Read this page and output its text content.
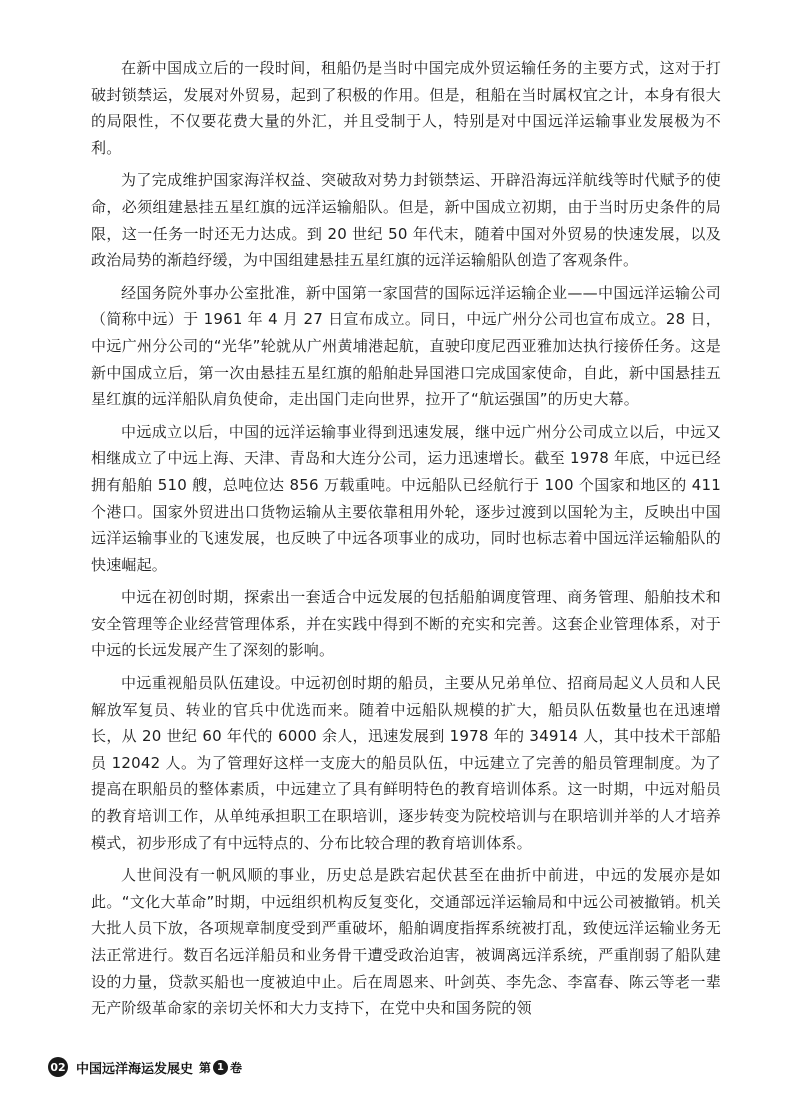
在新中国成立后的一段时间，租船仍是当时中国完成外贸运输任务的主要方式，这对于打破封锁禁运，发展对外贸易，起到了积极的作用。但是，租船在当时属权宜之计，本身有很大的局限性，不仅要花费大量的外汇，并且受制于人，特别是对中国远洋运输事业发展极为不利。

为了完成维护国家海洋权益、突破敌对势力封锁禁运、开辟沿海远洋航线等时代赋予的使命，必须组建悬挂五星红旗的远洋运输船队。但是，新中国成立初期，由于当时历史条件的局限，这一任务一时还无力达成。到 20 世纪 50 年代末，随着中国对外贸易的快速发展，以及政治局势的渐趋纾缓，为中国组建悬挂五星红旗的远洋运输船队创造了客观条件。

经国务院外事办公室批准，新中国第一家国营的国际远洋运输企业——中国远洋运输公司（简称中远）于 1961 年 4 月 27 日宣布成立。同日，中远广州分公司也宣布成立。28 日，中远广州分公司的“光华”轮就从广州黄埔港起航，直驶印度尼西亚雅加达执行接侨任务。这是新中国成立后，第一次由悬挂五星红旗的船舶赴异国港口完成国家使命，自此，新中国悬挂五星红旗的远洋船队肩负使命，走出国门走向世界，拉开了“航运强国”的历史大幕。

中远成立以后，中国的远洋运输事业得到迅速发展，继中远广州分公司成立以后，中远又相继成立了中远上海、天津、青岛和大连分公司，运力迅速增长。截至 1978 年底，中远已经拥有船舶 510 艘，总吨位达 856 万载重吨。中远船队已经航行于 100 个国家和地区的 411 个港口。国家外贸进出口货物运输从主要依靠租用外轮，逐步过渡到以国轮为主，反映出中国远洋运输事业的飞速发展，也反映了中远各项事业的成功，同时也标志着中国远洋运输船队的快速崛起。

中远在初创时期，探索出一套适合中远发展的包括船舶调度管理、商务管理、船舶技术和安全管理等企业经营管理体系，并在实践中得到不断的充实和完善。这套企业管理体系，对于中远的长远发展产生了深刻的影响。

中远重视船员队伍建设。中远初创时期的船员，主要从兄弟单位、招商局起义人员和人民解放军复员、转业的官兵中优选而来。随着中远船队规模的扩大，船员队伍数量也在迅速增长，从 20 世纪 60 年代的 6000 余人，迅速发展到 1978 年的 34914 人，其中技术干部船员 12042 人。为了管理好这样一支庞大的船员队伍，中远建立了完善的船员管理制度。为了提高在职船员的整体素质，中远建立了具有鲜明特色的教育培训体系。这一时期，中远对船员的教育培训工作，从单纯承担职工在职培训，逐步转变为院校培训与在职培训并举的人才培养模式，初步形成了有中远特点的、分布比较合理的教育培训体系。

人世间没有一帆风顺的事业，历史总是跌宕起伏甚至在曲折中前进，中远的发展亦是如此。“文化大革命”时期，中远组织机构反复变化，交通部远洋运输局和中远公司被撤销。机关大批人员下放，各项规章制度受到严重破坏，船舶调度指挥系统被打乱，致使远洋运输业务无法正常进行。数百名远洋船员和业务骨干遭受政治迫害，被调离远洋系统，严重削弱了船队建设的力量，贷款买船也一度被迫中止。后在周恩来、叶剑英、李先念、李富春、陈云等老一辈无产阶级革命家的亲切关怀和大力支持下，在党中央和国务院的领

02 中国远洋海运发展史 第 1 卷
